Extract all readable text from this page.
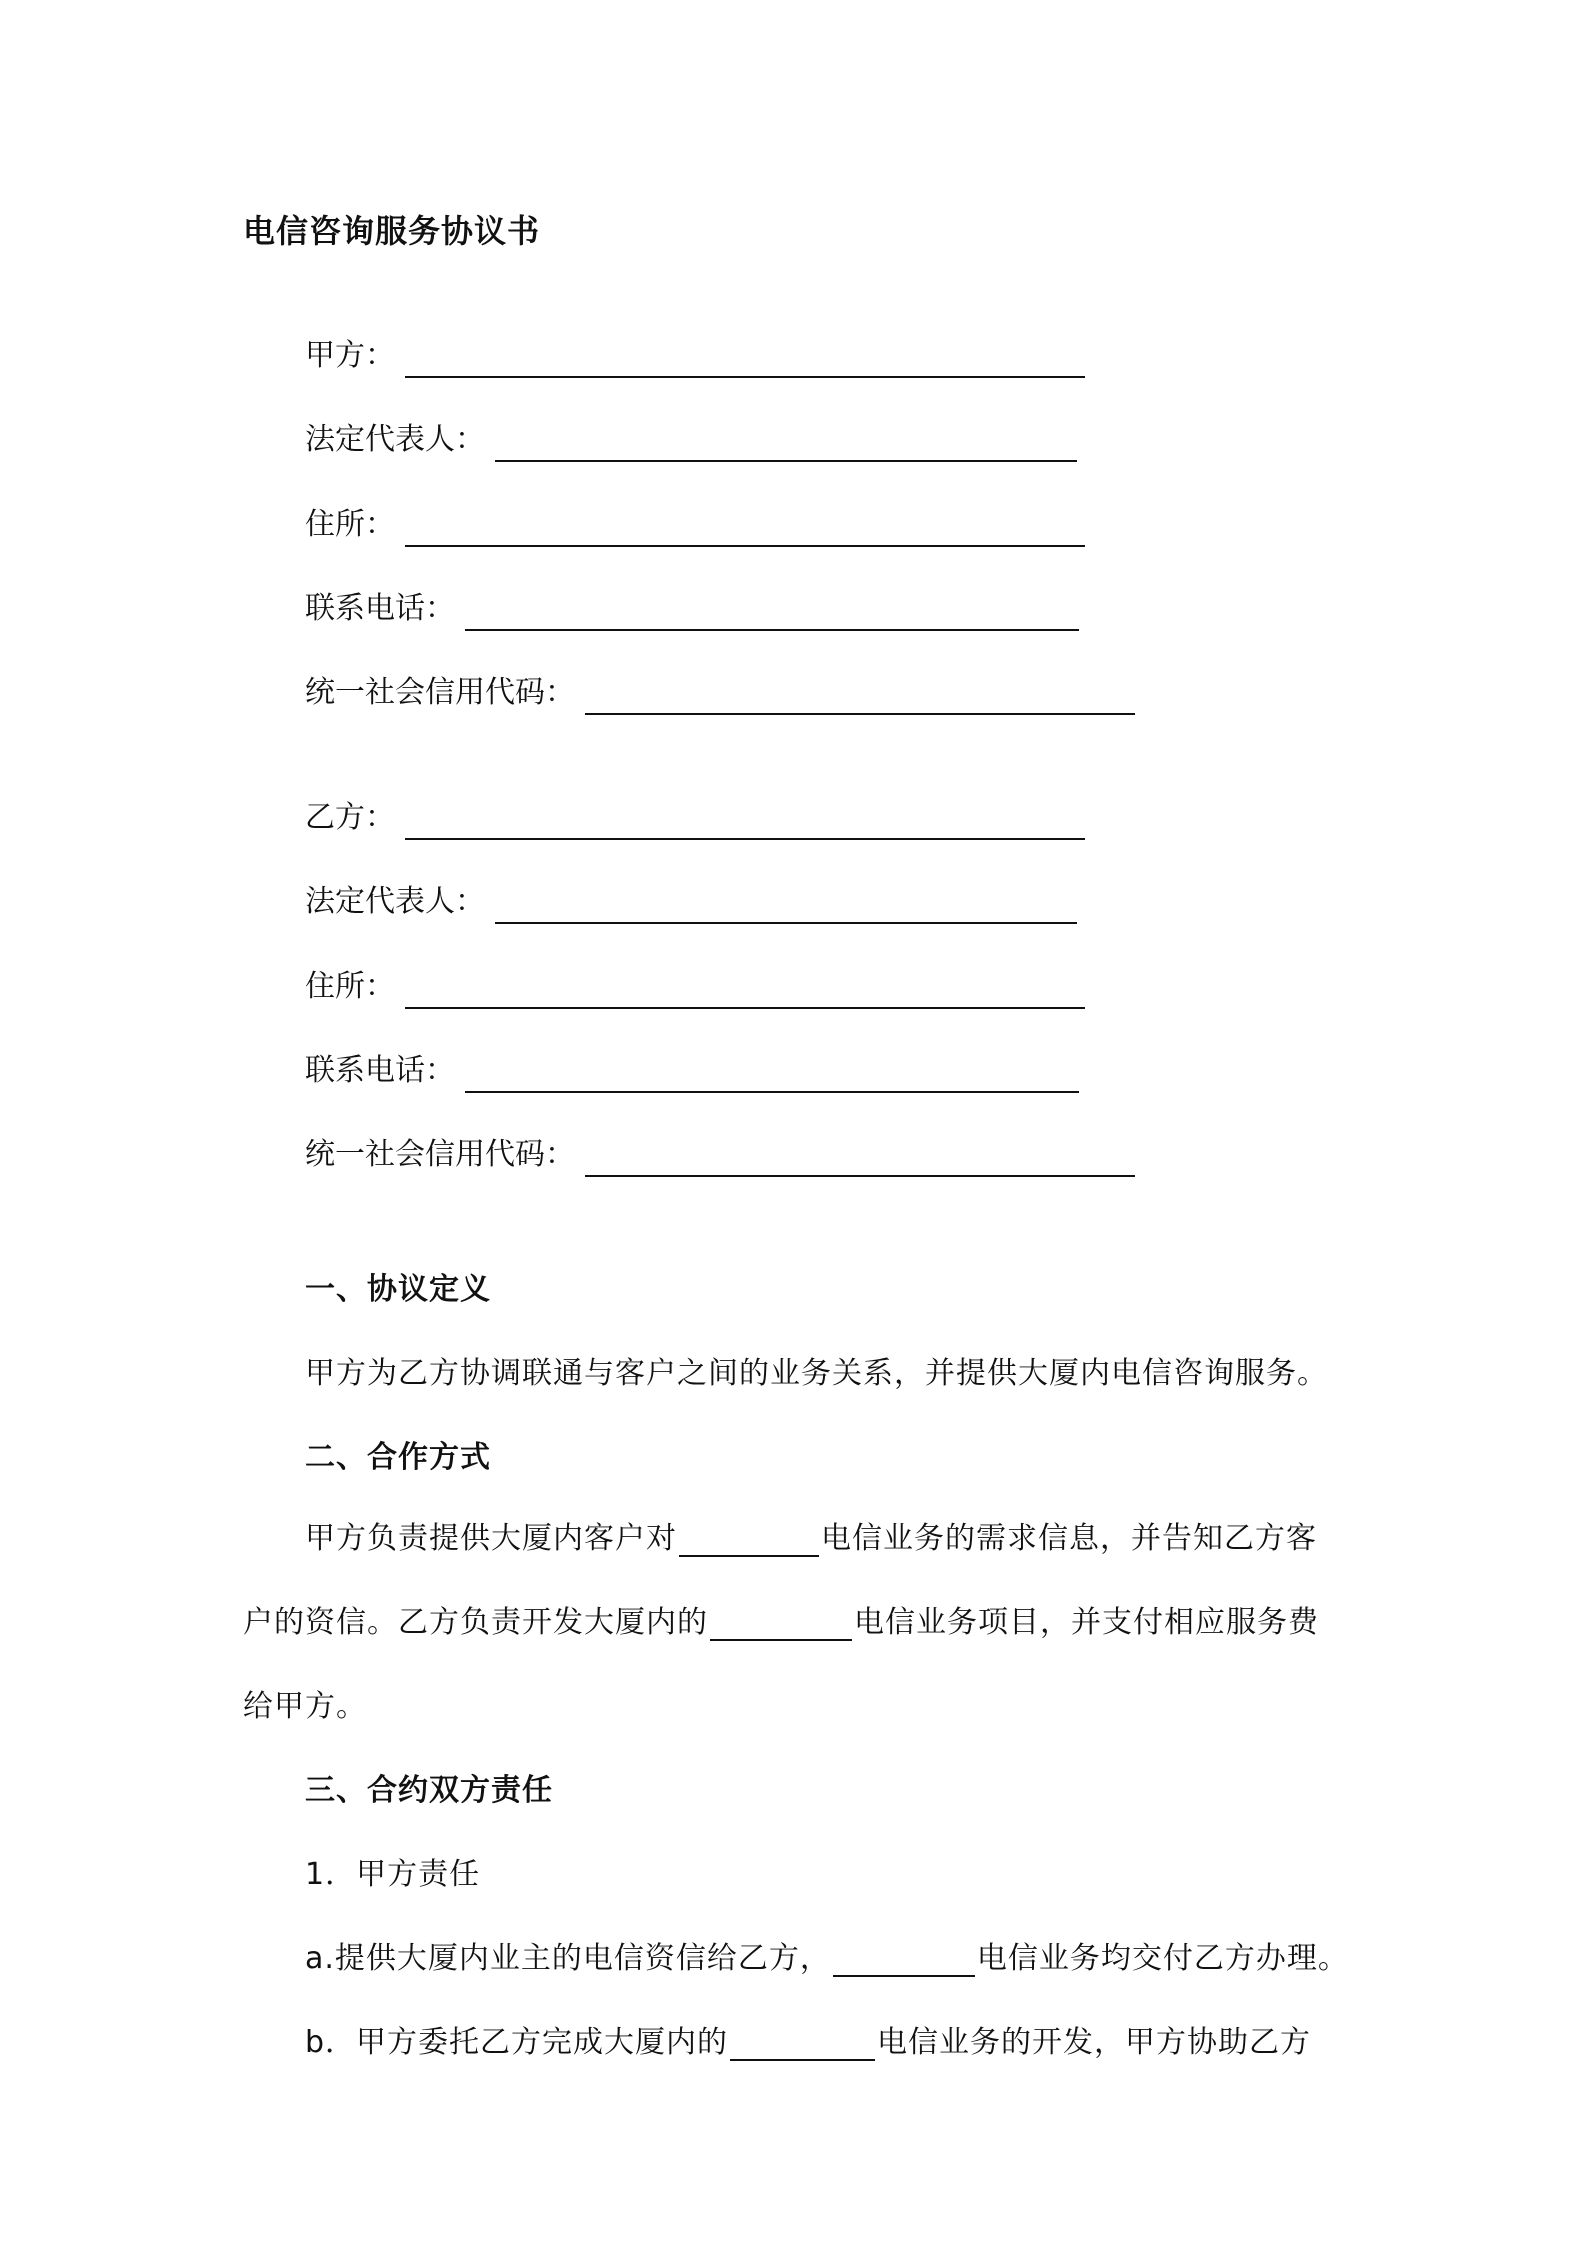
电信咨询服务协议书
甲方：
法定代表人：
住所：
联系电话：
统一社会信用代码：
乙方：
法定代表人：
住所：
联系电话：
统一社会信用代码：
一、协议定义
甲方为乙方协调联通与客户之间的业务关系，并提供大厦内电信咨询服务。
二、合作方式
甲方负责提供大厦内客户对	电信业务的需求信息，并告知乙方客
户的资信。乙方负责开发大厦内的	电信业务项目，并支付相应服务费
给甲方。
三、合约双方责任
1．甲方责任
a.提供大厦内业主的电信资信给乙方，	电信业务均交付乙方办理。
b．甲方委托乙方完成大厦内的	电信业务的开发，甲方协助乙方
